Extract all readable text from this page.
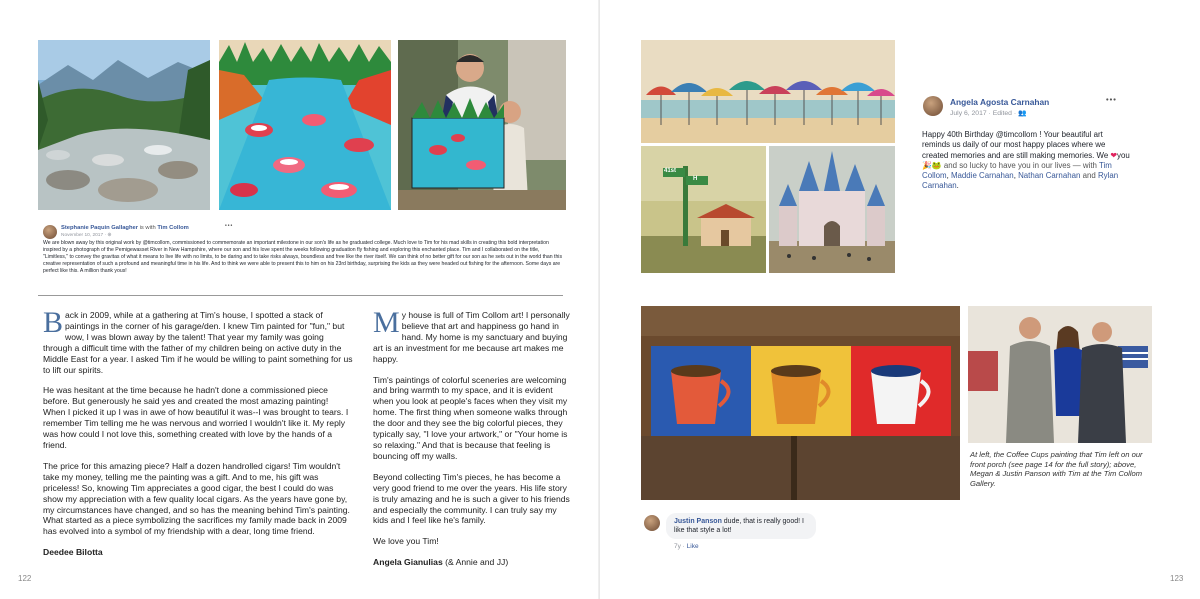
Stephanie Paquin Gallagher is with Tim Collom
November 10, 2017 · ⊕
•••
We are blown away by this original work by @timcollom, commissioned to commemorate an important milestone in our son's life as he graduated college. Much love to Tim for his mad skills in creating this bold interpretation inspired by a photograph of the Pemigewasset River in New Hampshire, where our son and his love spent the weeks following graduation fly fishing and exploring this enchanted place. Tim and I collaborated on the title, "Limitless," to convey the gravitas of what it means to live life with no limits, to be daring and to take risks always, boundless and free like the river itself. We can think of no better gift for our son as he sets out in the world than this creative representation of such a profound and meaningful time in his life. And to think we were able to present this to him on his 23rd birthday, surprising the kids as they were headed out fishing for the afternoon. Some days are perfect like this. A million thank yous!

Back in 2009, while at a gathering at Tim's house, I spotted a stack of paintings in the corner of his garage/den. I knew Tim painted for "fun," but wow, I was blown away by the talent! That year my family was going through a difficult time with the father of my children being on active duty in the Middle East for a year. I asked Tim if he would be willing to paint something for us to lift our spirits.

He was hesitant at the time because he hadn't done a commissioned piece before. But generously he said yes and created the most amazing painting! When I picked it up I was in awe of how beautiful it was--I was brought to tears. I remember Tim telling me he was nervous and worried I wouldn't like it. My reply was how could I not love this, something created with love by the hands of a friend.

The price for this amazing piece? Half a dozen handrolled cigars! Tim wouldn't take my money, telling me the painting was a gift. And to me, his gift was priceless! So, knowing Tim appreciates a good cigar, the best I could do was show my appreciation with a few quality local cigars. As the years have gone by, my circumstances have changed, and so has the meaning behind Tim's painting. What started as a piece symbolizing the sacrifices my family made back in 2009 has evolved into a symbol of my friendship with a dear, long time friend.

Deedee Bilotta

My house is full of Tim Collom art! I personally believe that art and happiness go hand in hand. My home is my sanctuary and buying art is an investment for me because art makes me happy.

Tim's paintings of colorful sceneries are welcoming and bring warmth to my space, and it is evident when you look at people's faces when they visit my home. The first thing when someone walks through the door and they see the big colorful pieces, they typically say, "I love your artwork," or "Your home is so relaxing." And that is because that feeling is bouncing off my walls.

Beyond collecting Tim's pieces, he has become a very good friend to me over the years. His life story is truly amazing and he is such a giver to his friends and especially the community. I can truly say my kids and I feel like he's family.

We love you Tim!

Angela Gianulias (& Annie and JJ)

122
41st
H
Angela Agosta Carnahan
July 6, 2017 · Edited · 👥
•••
Happy 40th Birthday @timcollom ! Your beautiful art reminds us daily of our most happy places where we created memories and are still making memories. We ❤you 🎉🐸 and so lucky to have you in our lives — with Tim Collom, Maddie Carnahan, Nathan Carnahan and Rylan Carnahan.
Justin Panson dude, that is really good! I like that style a lot!
7y · Like
At left, the Coffee Cups painting that Tim left on our front porch (see page 14 for the full story); above, Megan & Justin Panson with Tim at the Tim Collom Gallery.
123
